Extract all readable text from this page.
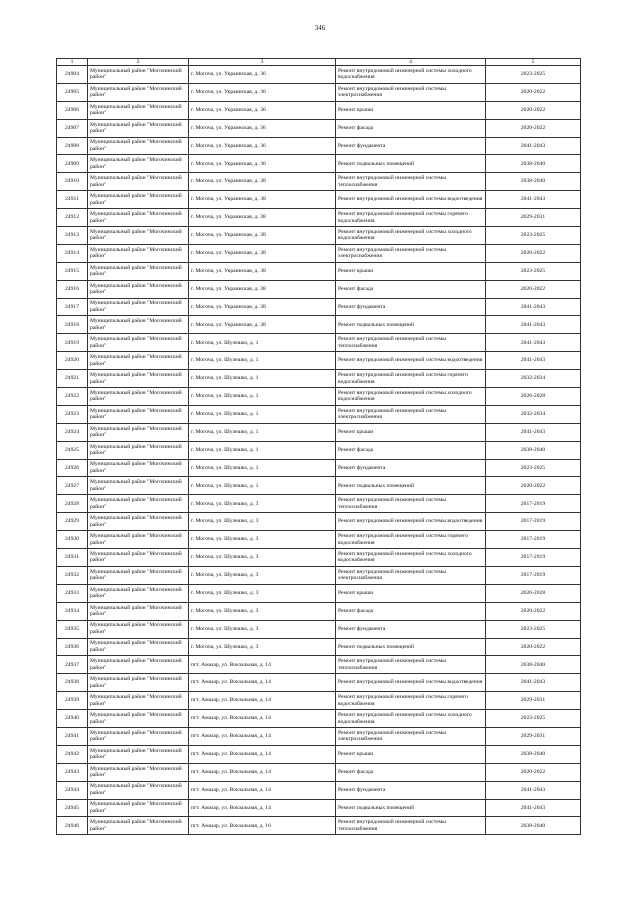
346
1	2	3	4	5
24904	Муниципальный район "Могочинский район"	г. Могоча, ул. Украинская, д. 36	Ремонт внутридомовой инженерной системы холодного водоснабжения	2023-2025
24905	Муниципальный район "Могочинский район"	г. Могоча, ул. Украинская, д. 36	Ремонт внутридомовой инженерной системы электроснабжения	2020-2022
24906	Муниципальный район "Могочинский район"	г. Могоча, ул. Украинская, д. 36	Ремонт крыши	2020-2022
24907	Муниципальный район "Могочинский район"	г. Могоча, ул. Украинская, д. 36	Ремонт фасада	2020-2022
24908	Муниципальный район "Могочинский район"	г. Могоча, ул. Украинская, д. 36	Ремонт фундамента	2041-2043
24909	Муниципальный район "Могочинский район"	г. Могоча, ул. Украинская, д. 36	Ремонт подвальных помещений	2038-2040
24910	Муниципальный район "Могочинский район"	г. Могоча, ул. Украинская, д. 38	Ремонт внутридомовой инженерной системы теплоснабжения	2038-2040
24911	Муниципальный район "Могочинский район"	г. Могоча, ул. Украинская, д. 38	Ремонт внутридомовой инженерной системы водоотведения	2041-2043
24912	Муниципальный район "Могочинский район"	г. Могоча, ул. Украинская, д. 38	Ремонт внутридомовой инженерной системы горячего водоснабжения	2029-2031
24913	Муниципальный район "Могочинский район"	г. Могоча, ул. Украинская, д. 38	Ремонт внутридомовой инженерной системы холодного водоснабжения	2023-2025
24914	Муниципальный район "Могочинский район"	г. Могоча, ул. Украинская, д. 38	Ремонт внутридомовой инженерной системы электроснабжения	2020-2022
24915	Муниципальный район "Могочинский район"	г. Могоча, ул. Украинская, д. 38	Ремонт крыши	2023-2025
24916	Муниципальный район "Могочинский район"	г. Могоча, ул. Украинская, д. 38	Ремонт фасада	2020-2022
24917	Муниципальный район "Могочинский район"	г. Могоча, ул. Украинская, д. 38	Ремонт фундамента	2041-2043
24918	Муниципальный район "Могочинский район"	г. Могоча, ул. Украинская, д. 38	Ремонт подвальных помещений	2041-2043
24919	Муниципальный район "Могочинский район"	г. Могоча, ул. Шулешко, д. 1	Ремонт внутридомовой инженерной системы теплоснабжения	2041-2043
24920	Муниципальный район "Могочинский район"	г. Могоча, ул. Шулешко, д. 1	Ремонт внутридомовой инженерной системы водоотведения	2041-2043
24921	Муниципальный район "Могочинский район"	г. Могоча, ул. Шулешко, д. 1	Ремонт внутридомовой инженерной системы горячего водоснабжения	2032-2034
24922	Муниципальный район "Могочинский район"	г. Могоча, ул. Шулешко, д. 1	Ремонт внутридомовой инженерной системы холодного водоснабжения	2026-2028
24923	Муниципальный район "Могочинский район"	г. Могоча, ул. Шулешко, д. 1	Ремонт внутридомовой инженерной системы электроснабжения	2032-2034
24924	Муниципальный район "Могочинский район"	г. Могоча, ул. Шулешко, д. 1	Ремонт крыши	2041-2043
24925	Муниципальный район "Могочинский район"	г. Могоча, ул. Шулешко, д. 1	Ремонт фасада	2038-2040
24926	Муниципальный район "Могочинский район"	г. Могоча, ул. Шулешко, д. 1	Ремонт фундамента	2023-2025
24927	Муниципальный район "Могочинский район"	г. Могоча, ул. Шулешко, д. 1	Ремонт подвальных помещений	2020-2022
24928	Муниципальный район "Могочинский район"	г. Могоча, ул. Шулешко, д. 3	Ремонт внутридомовой инженерной системы теплоснабжения	2017-2019
24929	Муниципальный район "Могочинский район"	г. Могоча, ул. Шулешко, д. 3	Ремонт внутридомовой инженерной системы водоотведения	2017-2019
24930	Муниципальный район "Могочинский район"	г. Могоча, ул. Шулешко, д. 3	Ремонт внутридомовой инженерной системы горячего водоснабжения	2017-2019
24931	Муниципальный район "Могочинский район"	г. Могоча, ул. Шулешко, д. 3	Ремонт внутридомовой инженерной системы холодного водоснабжения	2017-2019
24932	Муниципальный район "Могочинский район"	г. Могоча, ул. Шулешко, д. 3	Ремонт внутридомовой инженерной системы электроснабжения	2017-2019
24933	Муниципальный район "Могочинский район"	г. Могоча, ул. Шулешко, д. 3	Ремонт крыши	2026-2028
24934	Муниципальный район "Могочинский район"	г. Могоча, ул. Шулешко, д. 3	Ремонт фасада	2020-2022
24935	Муниципальный район "Могочинский район"	г. Могоча, ул. Шулешко, д. 3	Ремонт фундамента	2023-2025
24936	Муниципальный район "Могочинский район"	г. Могоча, ул. Шулешко, д. 3	Ремонт подвальных помещений	2020-2022
24937	Муниципальный район "Могочинский район"	пгт. Амазар, ул. Вокзальная, д. 14	Ремонт внутридомовой инженерной системы теплоснабжения	2038-2040
24938	Муниципальный район "Могочинский район"	пгт. Амазар, ул. Вокзальная, д. 14	Ремонт внутридомовой инженерной системы водоотведения	2041-2043
24939	Муниципальный район "Могочинский район"	пгт. Амазар, ул. Вокзальная, д. 14	Ремонт внутридомовой инженерной системы горячего водоснабжения	2029-2031
24940	Муниципальный район "Могочинский район"	пгт. Амазар, ул. Вокзальная, д. 14	Ремонт внутридомовой инженерной системы холодного водоснабжения	2023-2025
24941	Муниципальный район "Могочинский район"	пгт. Амазар, ул. Вокзальная, д. 14	Ремонт внутридомовой инженерной системы электроснабжения	2029-2031
24942	Муниципальный район "Могочинский район"	пгт. Амазар, ул. Вокзальная, д. 14	Ремонт крыши	2038-2040
24943	Муниципальный район "Могочинский район"	пгт. Амазар, ул. Вокзальная, д. 14	Ремонт фасада	2020-2022
24944	Муниципальный район "Могочинский район"	пгт. Амазар, ул. Вокзальная, д. 14	Ремонт фундамента	2041-2043
24945	Муниципальный район "Могочинский район"	пгт. Амазар, ул. Вокзальная, д. 14	Ремонт подвальных помещений	2041-2043
24946	Муниципальный район "Могочинский район"	пгт. Амазар, ул. Вокзальная, д. 16	Ремонт внутридомовой инженерной системы теплоснабжения	2038-2040
